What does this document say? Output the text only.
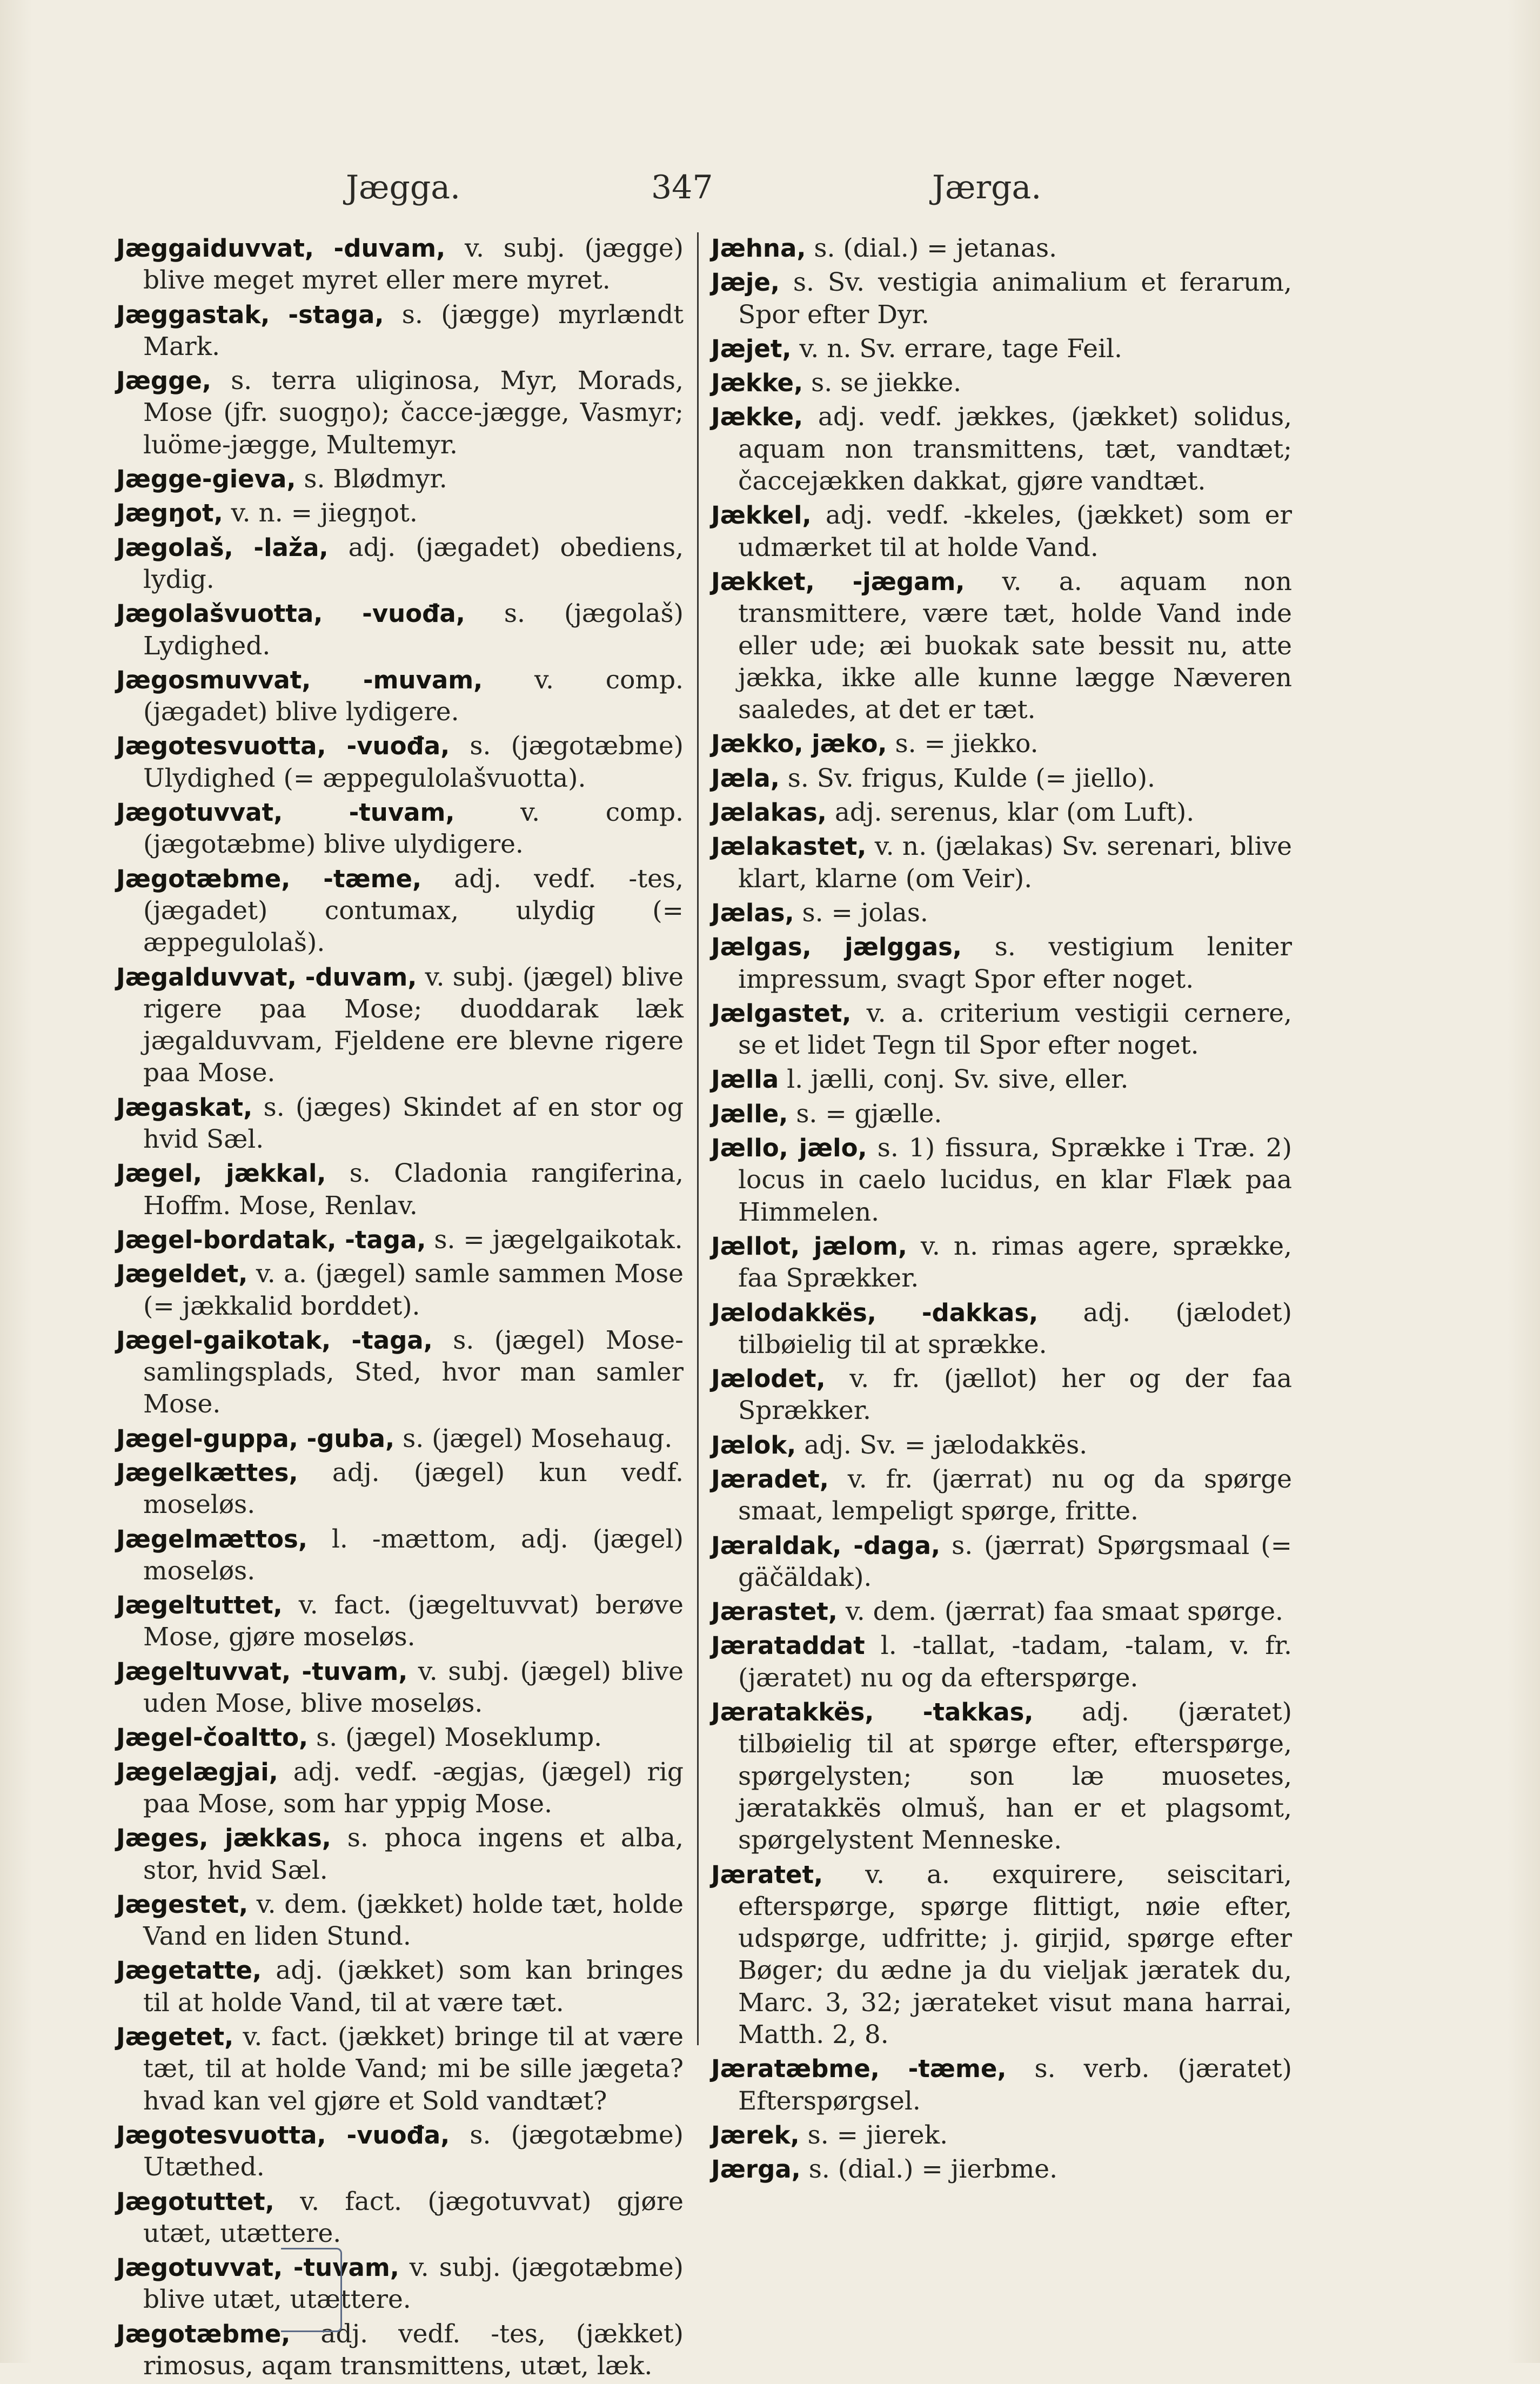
Jægga.	347	Jærga.
Jæggaiduvvat, -duvam, v. subj. (jægge) blive meget myret eller mere myret.
Jæggastak, -staga, s. (jægge) myrlændt Mark.
Jægge, s. terra uliginosa, Myr, Morads, Mose (jfr. suogŋo); čacce-jægge, Vasmyr; luöme-jægge, Multemyr.
Jægge-gieva, s. Blødmyr.
Jægŋot, v. n. = jiegŋot.
Jægolaš, -laža, adj. (jægadet) obediens, lydig.
Jægolašvuotta, -vuođa, s. (jægolaš) Lydighed.
Jægosmuvvat, -muvam, v. comp. (jægadet) blive lydigere.
Jægotesvuotta, -vuođa, s. (jægotæbme) Ulydighed (= æppegulolašvuotta).
Jægotuvvat, -tuvam, v. comp. (jægotæbme) blive ulydigere.
Jægotæbme, -tæme, adj. vedf. -tes, (jægadet) contumax, ulydig (= æppegulolaš).
Jægalduvvat, -duvam, v. subj. (jægel) blive rigere paa Mose; duoddarak læk jægalduvvam, Fjeldene ere blevne rigere paa Mose.
Jægaskat, s. (jæges) Skindet af en stor og hvid Sæl.
Jægel, jækkal, s. Cladonia rangiferina, Hoffm. Mose, Renlav.
Jægel-bordatak, -taga, s. = jægelgaikotak.
Jægeldet, v. a. (jægel) samle sammen Mose (= jækkalid borddet).
Jægel-gaikotak, -taga, s. (jægel) Mose-samlingsplads, Sted, hvor man samler Mose.
Jægel-guppa, -guba, s. (jægel) Mosehaug.
Jægelkættes, adj. (jægel) kun vedf. moseløs.
Jægelmættos, l. -mættom, adj. (jægel) moseløs.
Jægeltuttet, v. fact. (jægeltuvvat) berøve Mose, gjøre moseløs.
Jægeltuvvat, -tuvam, v. subj. (jægel) blive uden Mose, blive moseløs.
Jægel-čoaltto, s. (jægel) Moseklump.
Jægelægjai, adj. vedf. -ægjas, (jægel) rig paa Mose, som har yppig Mose.
Jæges, jækkas, s. phoca ingens et alba, stor, hvid Sæl.
Jægestet, v. dem. (jækket) holde tæt, holde Vand en liden Stund.
Jægetatte, adj. (jækket) som kan bringes til at holde Vand, til at være tæt.
Jægetet, v. fact. (jækket) bringe til at være tæt, til at holde Vand; mi be sille jægeta? hvad kan vel gjøre et Sold vandtæt?
Jægotesvuotta, -vuođa, s. (jægotæbme) Utæthed.
Jægotuttet, v. fact. (jægotuvvat) gjøre utæt, utættere.
Jægotuvvat, -tuvam, v. subj. (jægotæbme) blive utæt, utættere.
Jægotæbme, adj. vedf. -tes, (jækket) rimosus, aqam transmittens, utæt, læk.
Jæhna, s. (dial.) = jetanas.
Jæje, s. Sv. vestigia animalium et ferarum, Spor efter Dyr.
Jæjet, v. n. Sv. errare, tage Feil.
Jække, s. se jiekke.
Jække, adj. vedf. jækkes, (jækket) solidus, aquam non transmittens, tæt, vandtæt; čaccejækken dakkat, gjøre vandtæt.
Jækkel, adj. vedf. -kkeles, (jækket) som er udmærket til at holde Vand.
Jækket, -jægam, v. a. aquam non transmittere, være tæt, holde Vand inde eller ude; æi buokak sate bessit nu, atte jækka, ikke alle kunne lægge Næveren saaledes, at det er tæt.
Jækko, jæko, s. = jiekko.
Jæla, s. Sv. frigus, Kulde (= jiello).
Jælakas, adj. serenus, klar (om Luft).
Jælakastet, v. n. (jælakas) Sv. serenari, blive klart, klarne (om Veir).
Jælas, s. = jolas.
Jælgas, jælggas, s. vestigium leniter impressum, svagt Spor efter noget.
Jælgastet, v. a. criterium vestigii cernere, se et lidet Tegn til Spor efter noget.
Jælla l. jælli, conj. Sv. sive, eller.
Jælle, s. = gjælle.
Jællo, jælo, s. 1) fissura, Sprække i Træ. 2) locus in caelo lucidus, en klar Flæk paa Himmelen.
Jællot, jælom, v. n. rimas agere, sprække, faa Sprækker.
Jælodakkës, -dakkas, adj. (jælodet) tilbøielig til at sprække.
Jælodet, v. fr. (jællot) her og der faa Sprækker.
Jælok, adj. Sv. = jælodakkës.
Jæradet, v. fr. (jærrat) nu og da spørge smaat, lempeligt spørge, fritte.
Jæraldak, -daga, s. (jærrat) Spørgsmaal (= gäčäldak).
Jærastet, v. dem. (jærrat) faa smaat spørge.
Jærataddat l. -tallat, -tadam, -talam, v. fr. (jæratet) nu og da efterspørge.
Jæratakkës, -takkas, adj. (jæratet) tilbøielig til at spørge efter, efterspørge, spørgelysten; son læ muosetes, jæratakkës olmuš, han er et plagsomt, spørgelystent Menneske.
Jæratet, v. a. exquirere, seiscitari, efterspørge, spørge flittigt, nøie efter, udspørge, udfritte; j. girjid, spørge efter Bøger; du ædne ja du vieljak jæratek du, Marc. 3, 32; jærateket visut mana harrai, Matth. 2, 8.
Jæratæbme, -tæme, s. verb. (jæratet) Efterspørgsel.
Jærek, s. = jierek.
Jærga, s. (dial.) = jierbme.
